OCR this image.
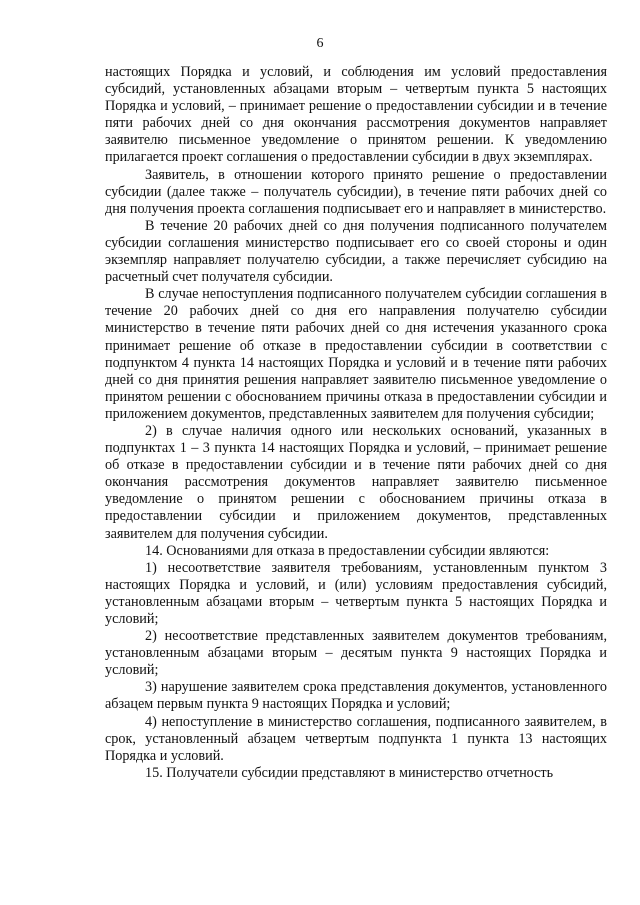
6

настоящих Порядка и условий, и соблюдения им условий предоставления субсидий, установленных абзацами вторым – четвертым пункта 5 настоящих Порядка и условий, – принимает решение о предоставлении субсидии и в течение пяти рабочих дней со дня окончания рассмотрения документов направляет заявителю письменное уведомление о принятом решении. К уведомлению прилагается проект соглашения о предоставлении субсидии в двух экземплярах.

Заявитель, в отношении которого принято решение о предоставлении субсидии (далее также – получатель субсидии), в течение пяти рабочих дней со дня получения проекта соглашения подписывает его и направляет в министерство.

В течение 20 рабочих дней со дня получения подписанного получателем субсидии соглашения министерство подписывает его со своей стороны и один экземпляр направляет получателю субсидии, а также перечисляет субсидию на расчетный счет получателя субсидии.

В случае непоступления подписанного получателем субсидии соглашения в течение 20 рабочих дней со дня его направления получателю субсидии министерство в течение пяти рабочих дней со дня истечения указанного срока принимает решение об отказе в предоставлении субсидии в соответствии с подпунктом 4 пункта 14 настоящих Порядка и условий и в течение пяти рабочих дней со дня принятия решения направляет заявителю письменное уведомление о принятом решении с обоснованием причины отказа в предоставлении субсидии и приложением документов, представленных заявителем для получения субсидии;

2) в случае наличия одного или нескольких оснований, указанных в подпунктах 1 – 3 пункта 14 настоящих Порядка и условий, – принимает решение об отказе в предоставлении субсидии и в течение пяти рабочих дней со дня окончания рассмотрения документов направляет заявителю письменное уведомление о принятом решении с обоснованием причины отказа в предоставлении субсидии и приложением документов, представленных заявителем для получения субсидии.

14. Основаниями для отказа в предоставлении субсидии являются:

1) несоответствие заявителя требованиям, установленным пунктом 3 настоящих Порядка и условий, и (или) условиям предоставления субсидий, установленным абзацами вторым – четвертым пункта 5 настоящих Порядка и условий;

2) несоответствие представленных заявителем документов требованиям, установленным абзацами вторым – десятым пункта 9 настоящих Порядка и условий;

3) нарушение заявителем срока представления документов, установленного абзацем первым пункта 9 настоящих Порядка и условий;

4) непоступление в министерство соглашения, подписанного заявителем, в срок, установленный абзацем четвертым подпункта 1 пункта 13 настоящих Порядка и условий.

15. Получатели субсидии представляют в министерство отчетность
